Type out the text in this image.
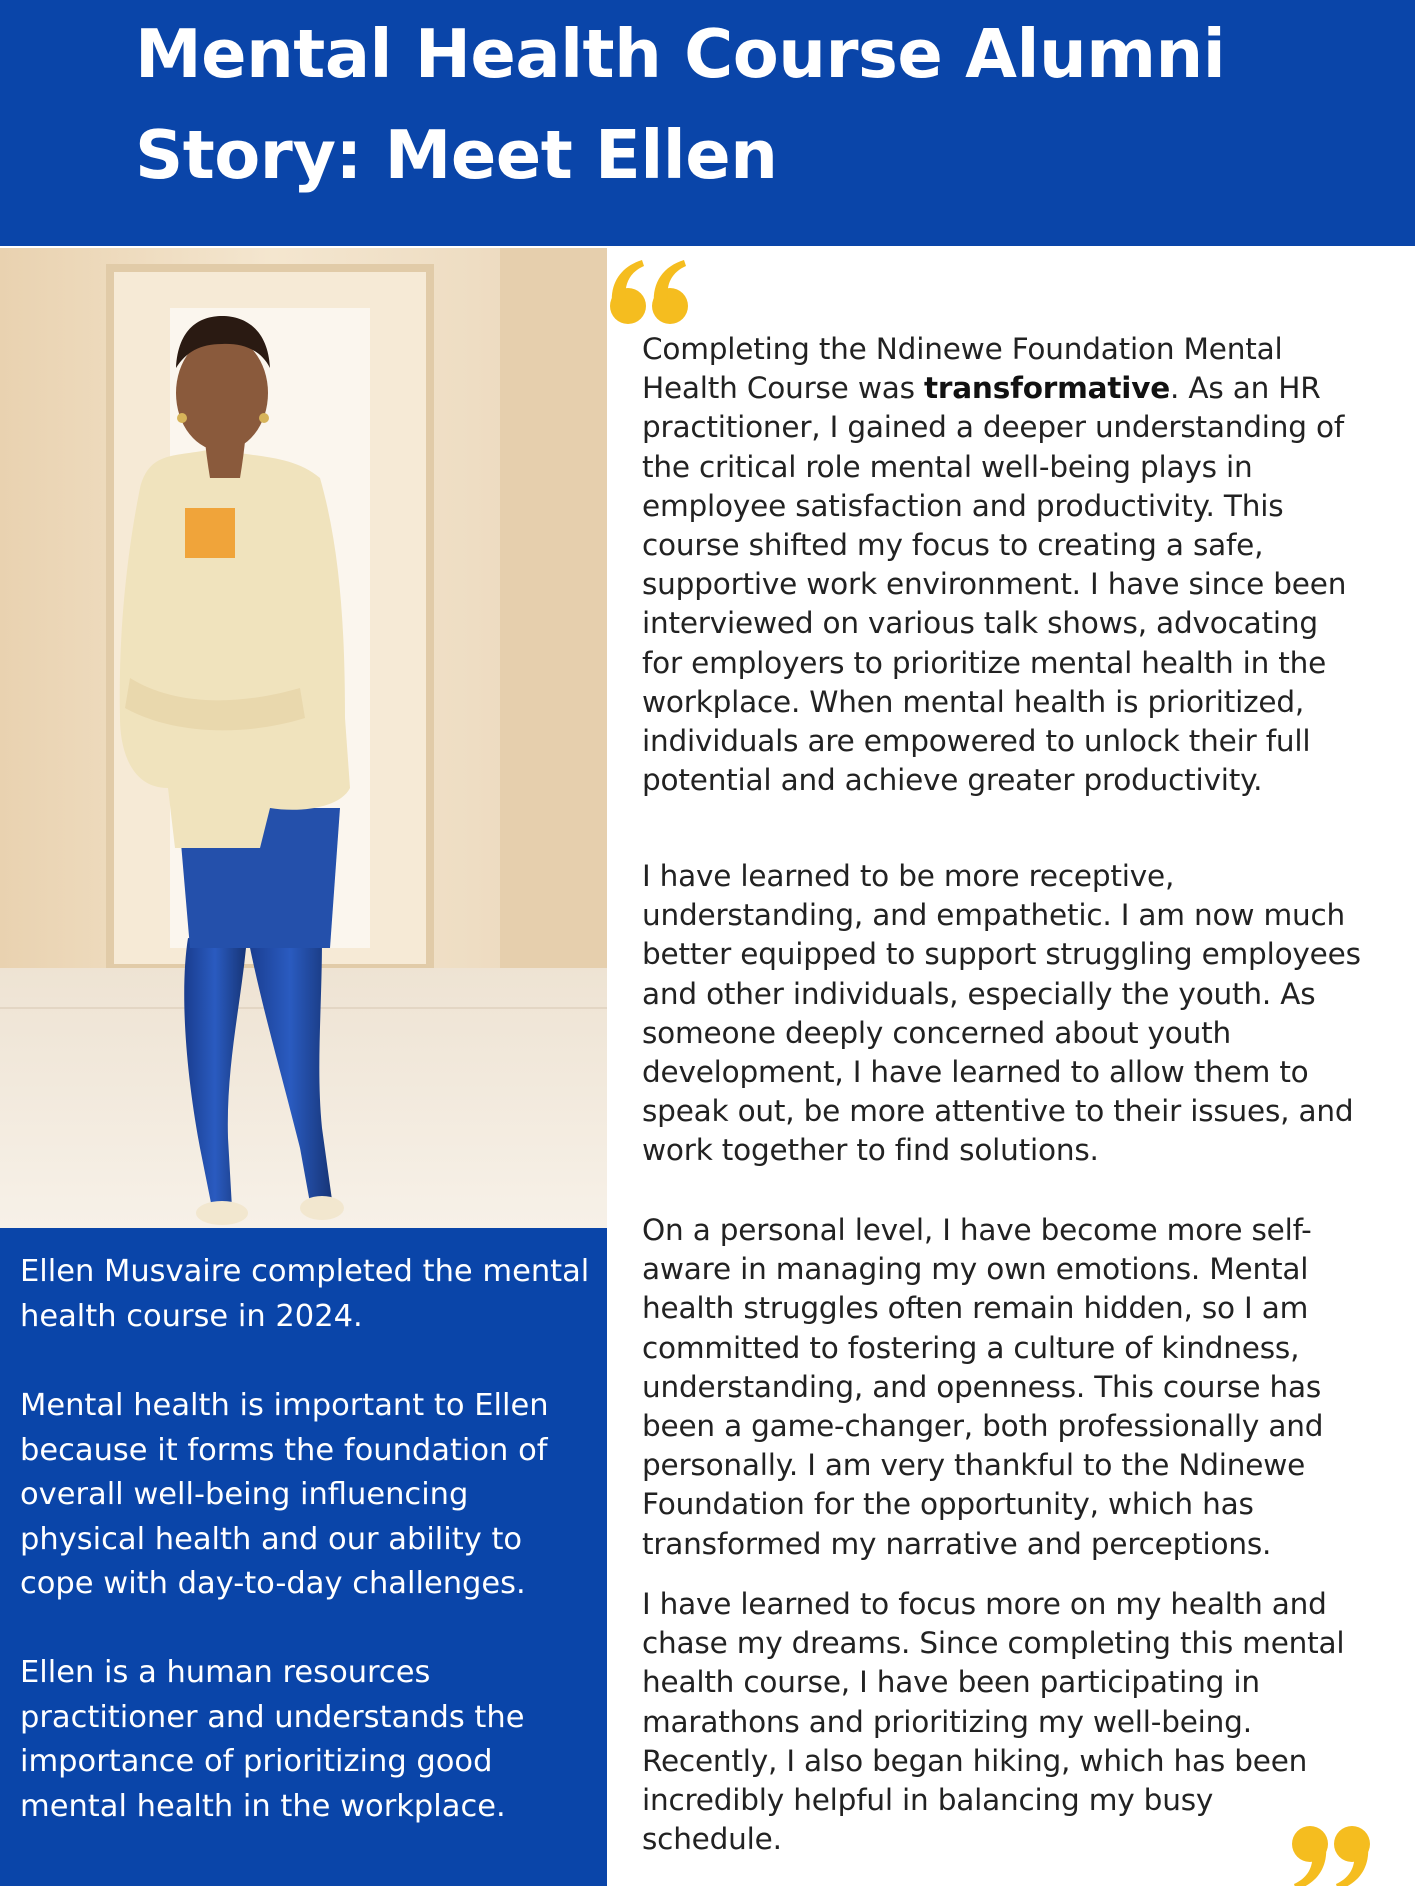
Mental Health Course Alumni
Story: Meet Ellen

Ellen Musvaire completed the mental health course in 2024.

Mental health is important to Ellen because it forms the foundation of overall well-being influencing physical health and our ability to cope with day-to-day challenges.

Ellen is a human resources practitioner and understands the importance of prioritizing good mental health in the workplace.

Completing the Ndinewe Foundation Mental Health Course was transformative. As an HR practitioner, I gained a deeper understanding of the critical role mental well-being plays in employee satisfaction and productivity. This course shifted my focus to creating a safe, supportive work environment. I have since been interviewed on various talk shows, advocating for employers to prioritize mental health in the workplace. When mental health is prioritized, individuals are empowered to unlock their full potential and achieve greater productivity.

I have learned to be more receptive, understanding, and empathetic. I am now much better equipped to support struggling employees and other individuals, especially the youth. As someone deeply concerned about youth development, I have learned to allow them to speak out, be more attentive to their issues, and work together to find solutions.

On a personal level, I have become more self-aware in managing my own emotions. Mental health struggles often remain hidden, so I am committed to fostering a culture of kindness, understanding, and openness. This course has been a game-changer, both professionally and personally. I am very thankful to the Ndinewe Foundation for the opportunity, which has transformed my narrative and perceptions.

I have learned to focus more on my health and chase my dreams. Since completing this mental health course, I have been participating in marathons and prioritizing my well-being. Recently, I also began hiking, which has been incredibly helpful in balancing my busy schedule.
